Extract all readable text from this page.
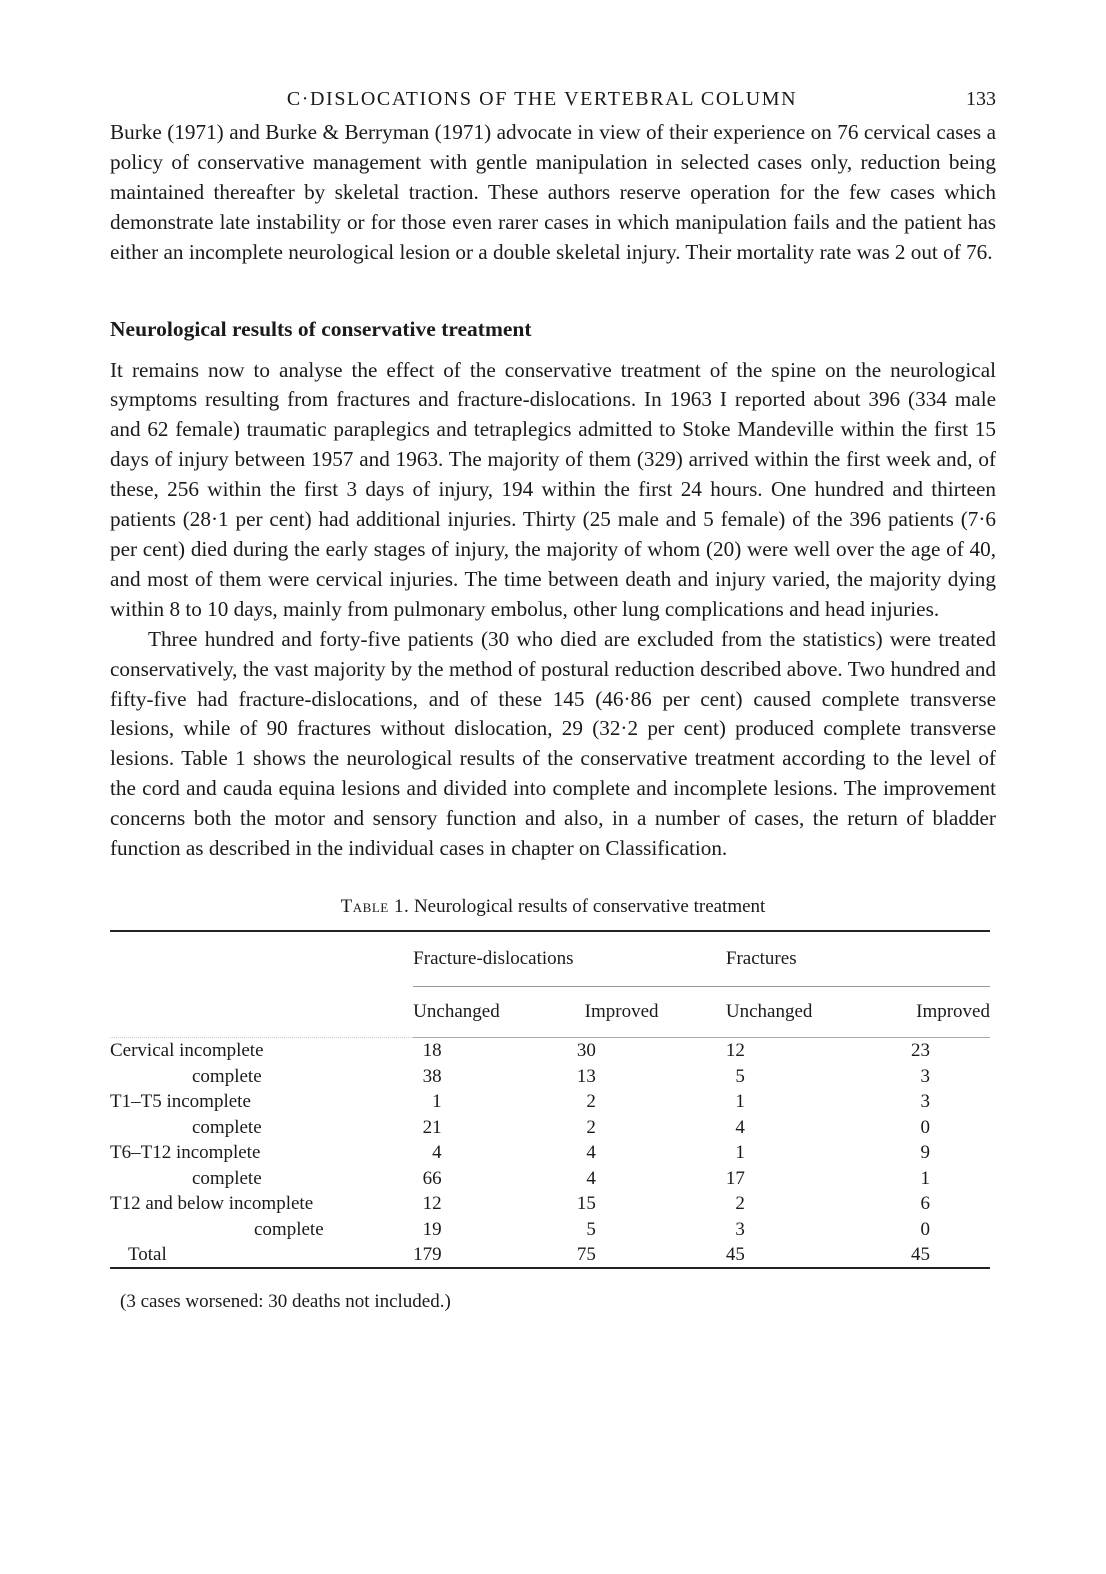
C·DISLOCATIONS OF THE VERTEBRAL COLUMN	133

Burke (1971) and Burke & Berryman (1971) advocate in view of their experience on 76 cervical cases a policy of conservative management with gentle manipulation in selected cases only, reduction being maintained thereafter by skeletal traction. These authors reserve operation for the few cases which demonstrate late instability or for those even rarer cases in which manipulation fails and the patient has either an incomplete neurological lesion or a double skeletal injury. Their mortality rate was 2 out of 76.

Neurological results of conservative treatment

It remains now to analyse the effect of the conservative treatment of the spine on the neurological symptoms resulting from fractures and fracture-dislocations. In 1963 I reported about 396 (334 male and 62 female) traumatic paraplegics and tetraplegics admitted to Stoke Mandeville within the first 15 days of injury between 1957 and 1963. The majority of them (329) arrived within the first week and, of these, 256 within the first 3 days of injury, 194 within the first 24 hours. One hundred and thirteen patients (28·1 per cent) had additional injuries. Thirty (25 male and 5 female) of the 396 patients (7·6 per cent) died during the early stages of injury, the majority of whom (20) were well over the age of 40, and most of them were cervical injuries. The time between death and injury varied, the majority dying within 8 to 10 days, mainly from pulmonary embolus, other lung complications and head injuries.

Three hundred and forty-five patients (30 who died are excluded from the statistics) were treated conservatively, the vast majority by the method of postural reduction described above. Two hundred and fifty-five had fracture-dislocations, and of these 145 (46·86 per cent) caused complete transverse lesions, while of 90 fractures without dislocation, 29 (32·2 per cent) produced complete transverse lesions. Table 1 shows the neurological results of the conservative treatment according to the level of the cord and cauda equina lesions and divided into complete and incomplete lesions. The improvement concerns both the motor and sensory function and also, in a number of cases, the return of bladder function as described in the individual cases in chapter on Classification.

Table 1. Neurological results of conservative treatment
	Fracture-dislocations		Fractures	
	Unchanged	Improved	Unchanged	Improved
Cervical incomplete	18	30	12	23
complete	38	13	5	3
T1–T5 incomplete	1	2	1	3
complete	21	2	4	0
T6–T12 incomplete	4	4	1	9
complete	66	4	17	1
T12 and below incomplete	12	15	2	6
complete	19	5	3	0
Total	179	75	45	45
(3 cases worsened: 30 deaths not included.)
